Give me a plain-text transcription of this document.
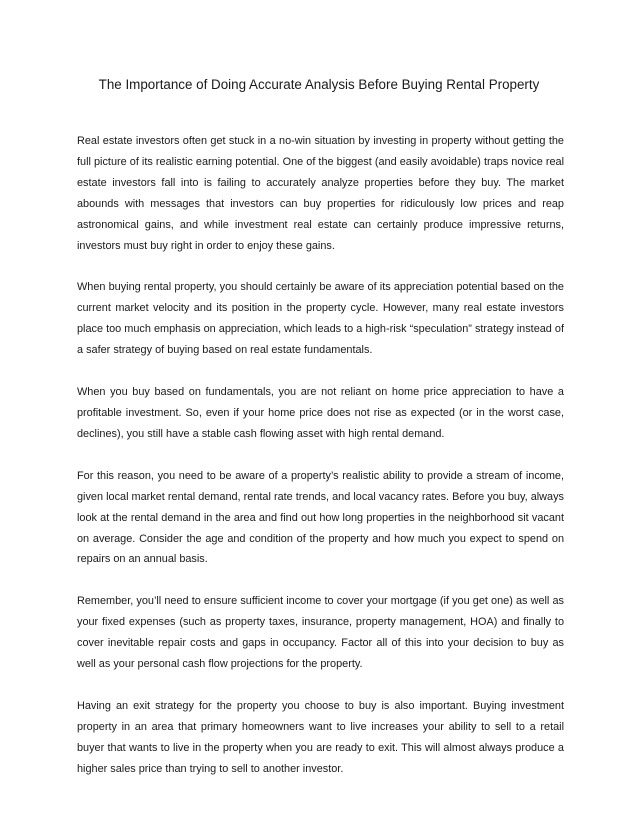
The Importance of Doing Accurate Analysis Before Buying Rental Property

Real estate investors often get stuck in a no-win situation by investing in property without getting the full picture of its realistic earning potential. One of the biggest (and easily avoidable) traps novice real estate investors fall into is failing to accurately analyze properties before they buy. The market abounds with messages that investors can buy properties for ridiculously low prices and reap astronomical gains, and while investment real estate can certainly produce impressive returns, investors must buy right in order to enjoy these gains.

When buying rental property, you should certainly be aware of its appreciation potential based on the current market velocity and its position in the property cycle. However, many real estate investors place too much emphasis on appreciation, which leads to a high-risk “speculation” strategy instead of a safer strategy of buying based on real estate fundamentals.

When you buy based on fundamentals, you are not reliant on home price appreciation to have a profitable investment. So, even if your home price does not rise as expected (or in the worst case, declines), you still have a stable cash flowing asset with high rental demand.

For this reason, you need to be aware of a property’s realistic ability to provide a stream of income, given local market rental demand, rental rate trends, and local vacancy rates. Before you buy, always look at the rental demand in the area and find out how long properties in the neighborhood sit vacant on average. Consider the age and condition of the property and how much you expect to spend on repairs on an annual basis.

Remember, you’ll need to ensure sufficient income to cover your mortgage (if you get one) as well as your fixed expenses (such as property taxes, insurance, property management, HOA) and finally to cover inevitable repair costs and gaps in occupancy. Factor all of this into your decision to buy as well as your personal cash flow projections for the property.

Having an exit strategy for the property you choose to buy is also important. Buying investment property in an area that primary homeowners want to live increases your ability to sell to a retail buyer that wants to live in the property when you are ready to exit. This will almost always produce a higher sales price than trying to sell to another investor.
